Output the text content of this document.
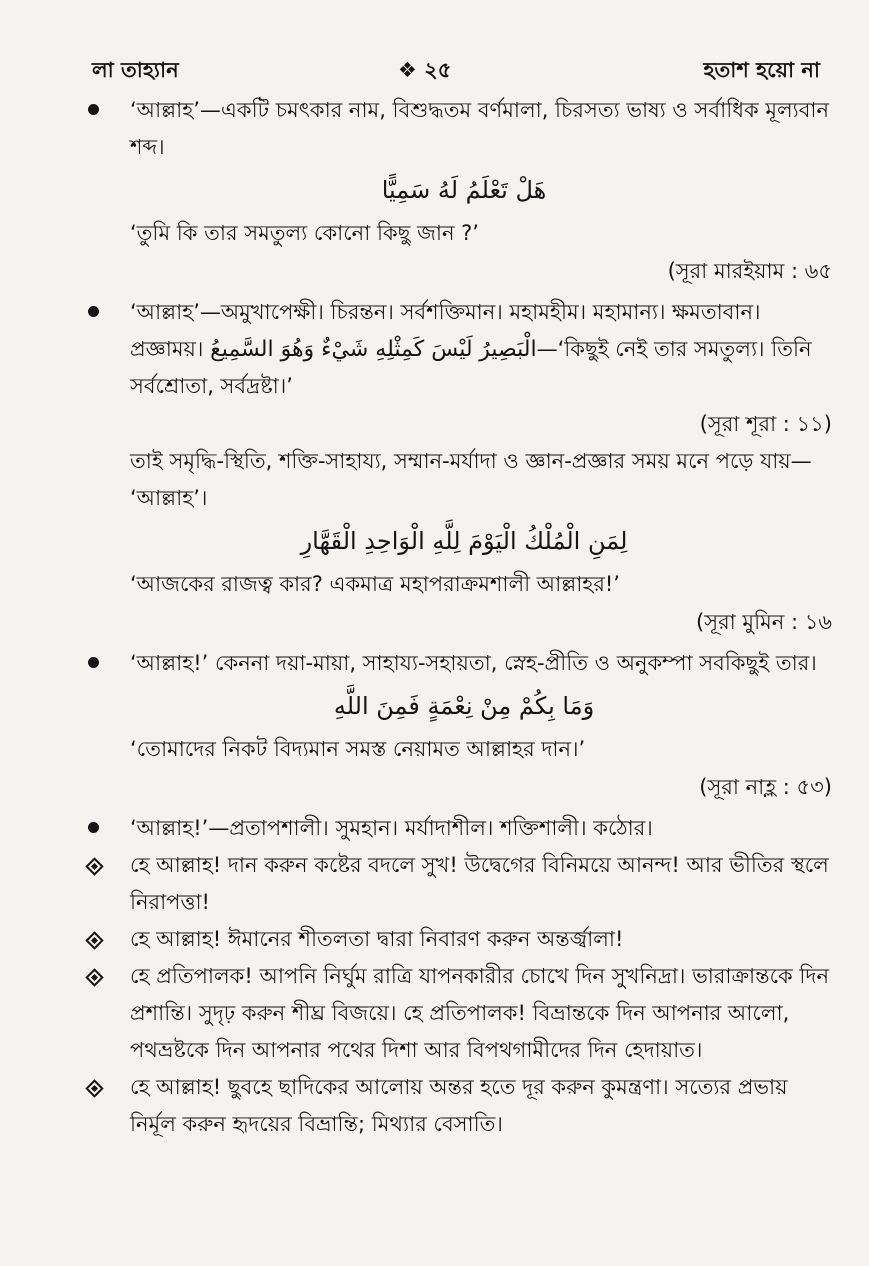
লা তাহ্যান	❖ ২৫	হতাশ হয়ো না

‘আল্লাহ’—একটি চমৎকার নাম, বিশুদ্ধতম বর্ণমালা, চিরসত্য ভাষ্য ও সর্বাধিক মূল্যবান শব্দ।

هَلْ تَعْلَمُ لَهُ سَمِيًّا

‘তুমি কি তার সমতুল্য কোনো কিছু জান ?’

(সূরা মারইয়াম : ৬৫

‘আল্লাহ’—অমুখাপেক্ষী। চিরন্তন। সর্বশক্তিমান। মহামহীম। মহামান্য। ক্ষমতাবান। প্রজ্ঞাময়। لَيْسَ كَمِثْلِهِ شَيْءٌ وَهُوَ السَّمِيعُ الْبَصِيرُ—‘কিছুই নেই তার সমতুল্য। তিনি সর্বশ্রোতা, সর্বদ্রষ্টা।’

(সূরা শূরা : ১১)

তাই সমৃদ্ধি-স্থিতি, শক্তি-সাহায্য, সম্মান-মর্যাদা ও জ্ঞান-প্রজ্ঞার সময় মনে পড়ে যায়— ‘আল্লাহ’।

لِمَنِ الْمُلْكُ الْيَوْمَ لِلَّهِ الْوَاحِدِ الْقَهَّارِ

‘আজকের রাজত্ব কার? একমাত্র মহাপরাক্রমশালী আল্লাহর!’

(সূরা মুমিন : ১৬

‘আল্লাহ!’ কেননা দয়া-মায়া, সাহায্য-সহায়তা, স্নেহ-প্রীতি ও অনুকম্পা সবকিছুই তার।

وَمَا بِكُمْ مِنْ نِعْمَةٍ فَمِنَ اللَّهِ

‘তোমাদের নিকট বিদ্যমান সমস্ত নেয়ামত আল্লাহর দান।’

(সূরা নাহ্ল : ৫৩)

‘আল্লাহ!’—প্রতাপশালী। সুমহান। মর্যাদাশীল। শক্তিশালী। কঠোর।

হে আল্লাহ! দান করুন কষ্টের বদলে সুখ! উদ্বেগের বিনিময়ে আনন্দ! আর ভীতির স্থলে নিরাপত্তা!

হে আল্লাহ! ঈমানের শীতলতা দ্বারা নিবারণ করুন অন্তর্জ্বালা!

হে প্রতিপালক! আপনি নির্ঘুম রাত্রি যাপনকারীর চোখে দিন সুখনিদ্রা। ভারাক্রান্তকে দিন প্রশান্তি। সুদৃঢ় করুন শীঘ্র বিজয়ে। হে প্রতিপালক! বিভ্রান্তকে দিন আপনার আলো, পথভ্রষ্টকে দিন আপনার পথের দিশা আর বিপথগামীদের দিন হেদায়াত।

হে আল্লাহ! ছুবহে ছাদিকের আলোয় অন্তর হতে দূর করুন কুমন্ত্রণা। সত্যের প্রভায় নির্মূল করুন হৃদয়ের বিভ্রান্তি; মিথ্যার বেসাতি।
